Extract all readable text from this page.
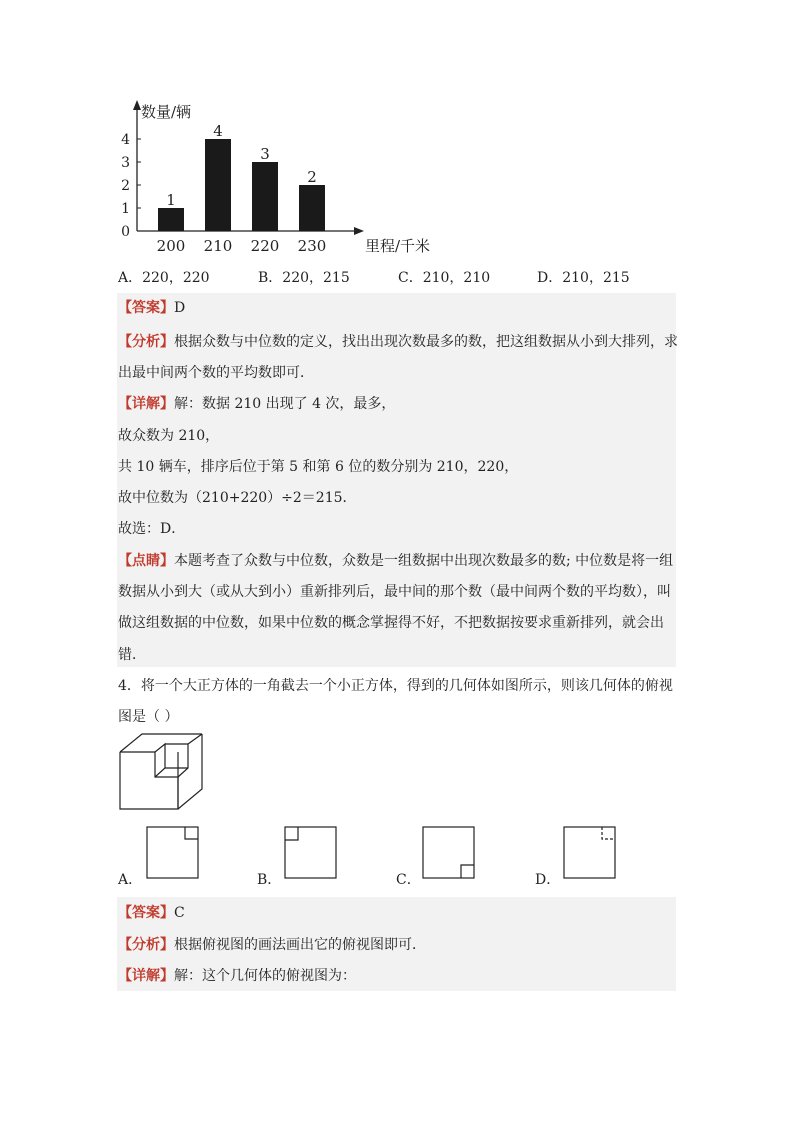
0
1
2
3
4
数量/辆
里程/千米
1
200
4
210
3
220
2
230
A．220，220	B．220，215	C．210，210	D．210，215
【答案】D
【分析】根据众数与中位数的定义，找出出现次数最多的数，把这组数据从小到大排列，求
出最中间两个数的平均数即可．
【详解】解：数据 210 出现了 4 次，最多，
故众数为 210，
共 10 辆车，排序后位于第 5 和第 6 位的数分别为 210，220，
故中位数为（210+220）÷2＝215．
故选：D．
【点睛】本题考查了众数与中位数，众数是一组数据中出现次数最多的数; 中位数是将一组
数据从小到大（或从大到小）重新排列后，最中间的那个数（最中间两个数的平均数），叫
做这组数据的中位数，如果中位数的概念掌握得不好，不把数据按要求重新排列，就会出
错．
4．将一个大正方体的一角截去一个小正方体，得到的几何体如图所示，则该几何体的俯视
图是（ ）
A．	B．	C．	D．
【答案】C
【分析】根据俯视图的画法画出它的俯视图即可．
【详解】解：这个几何体的俯视图为：
